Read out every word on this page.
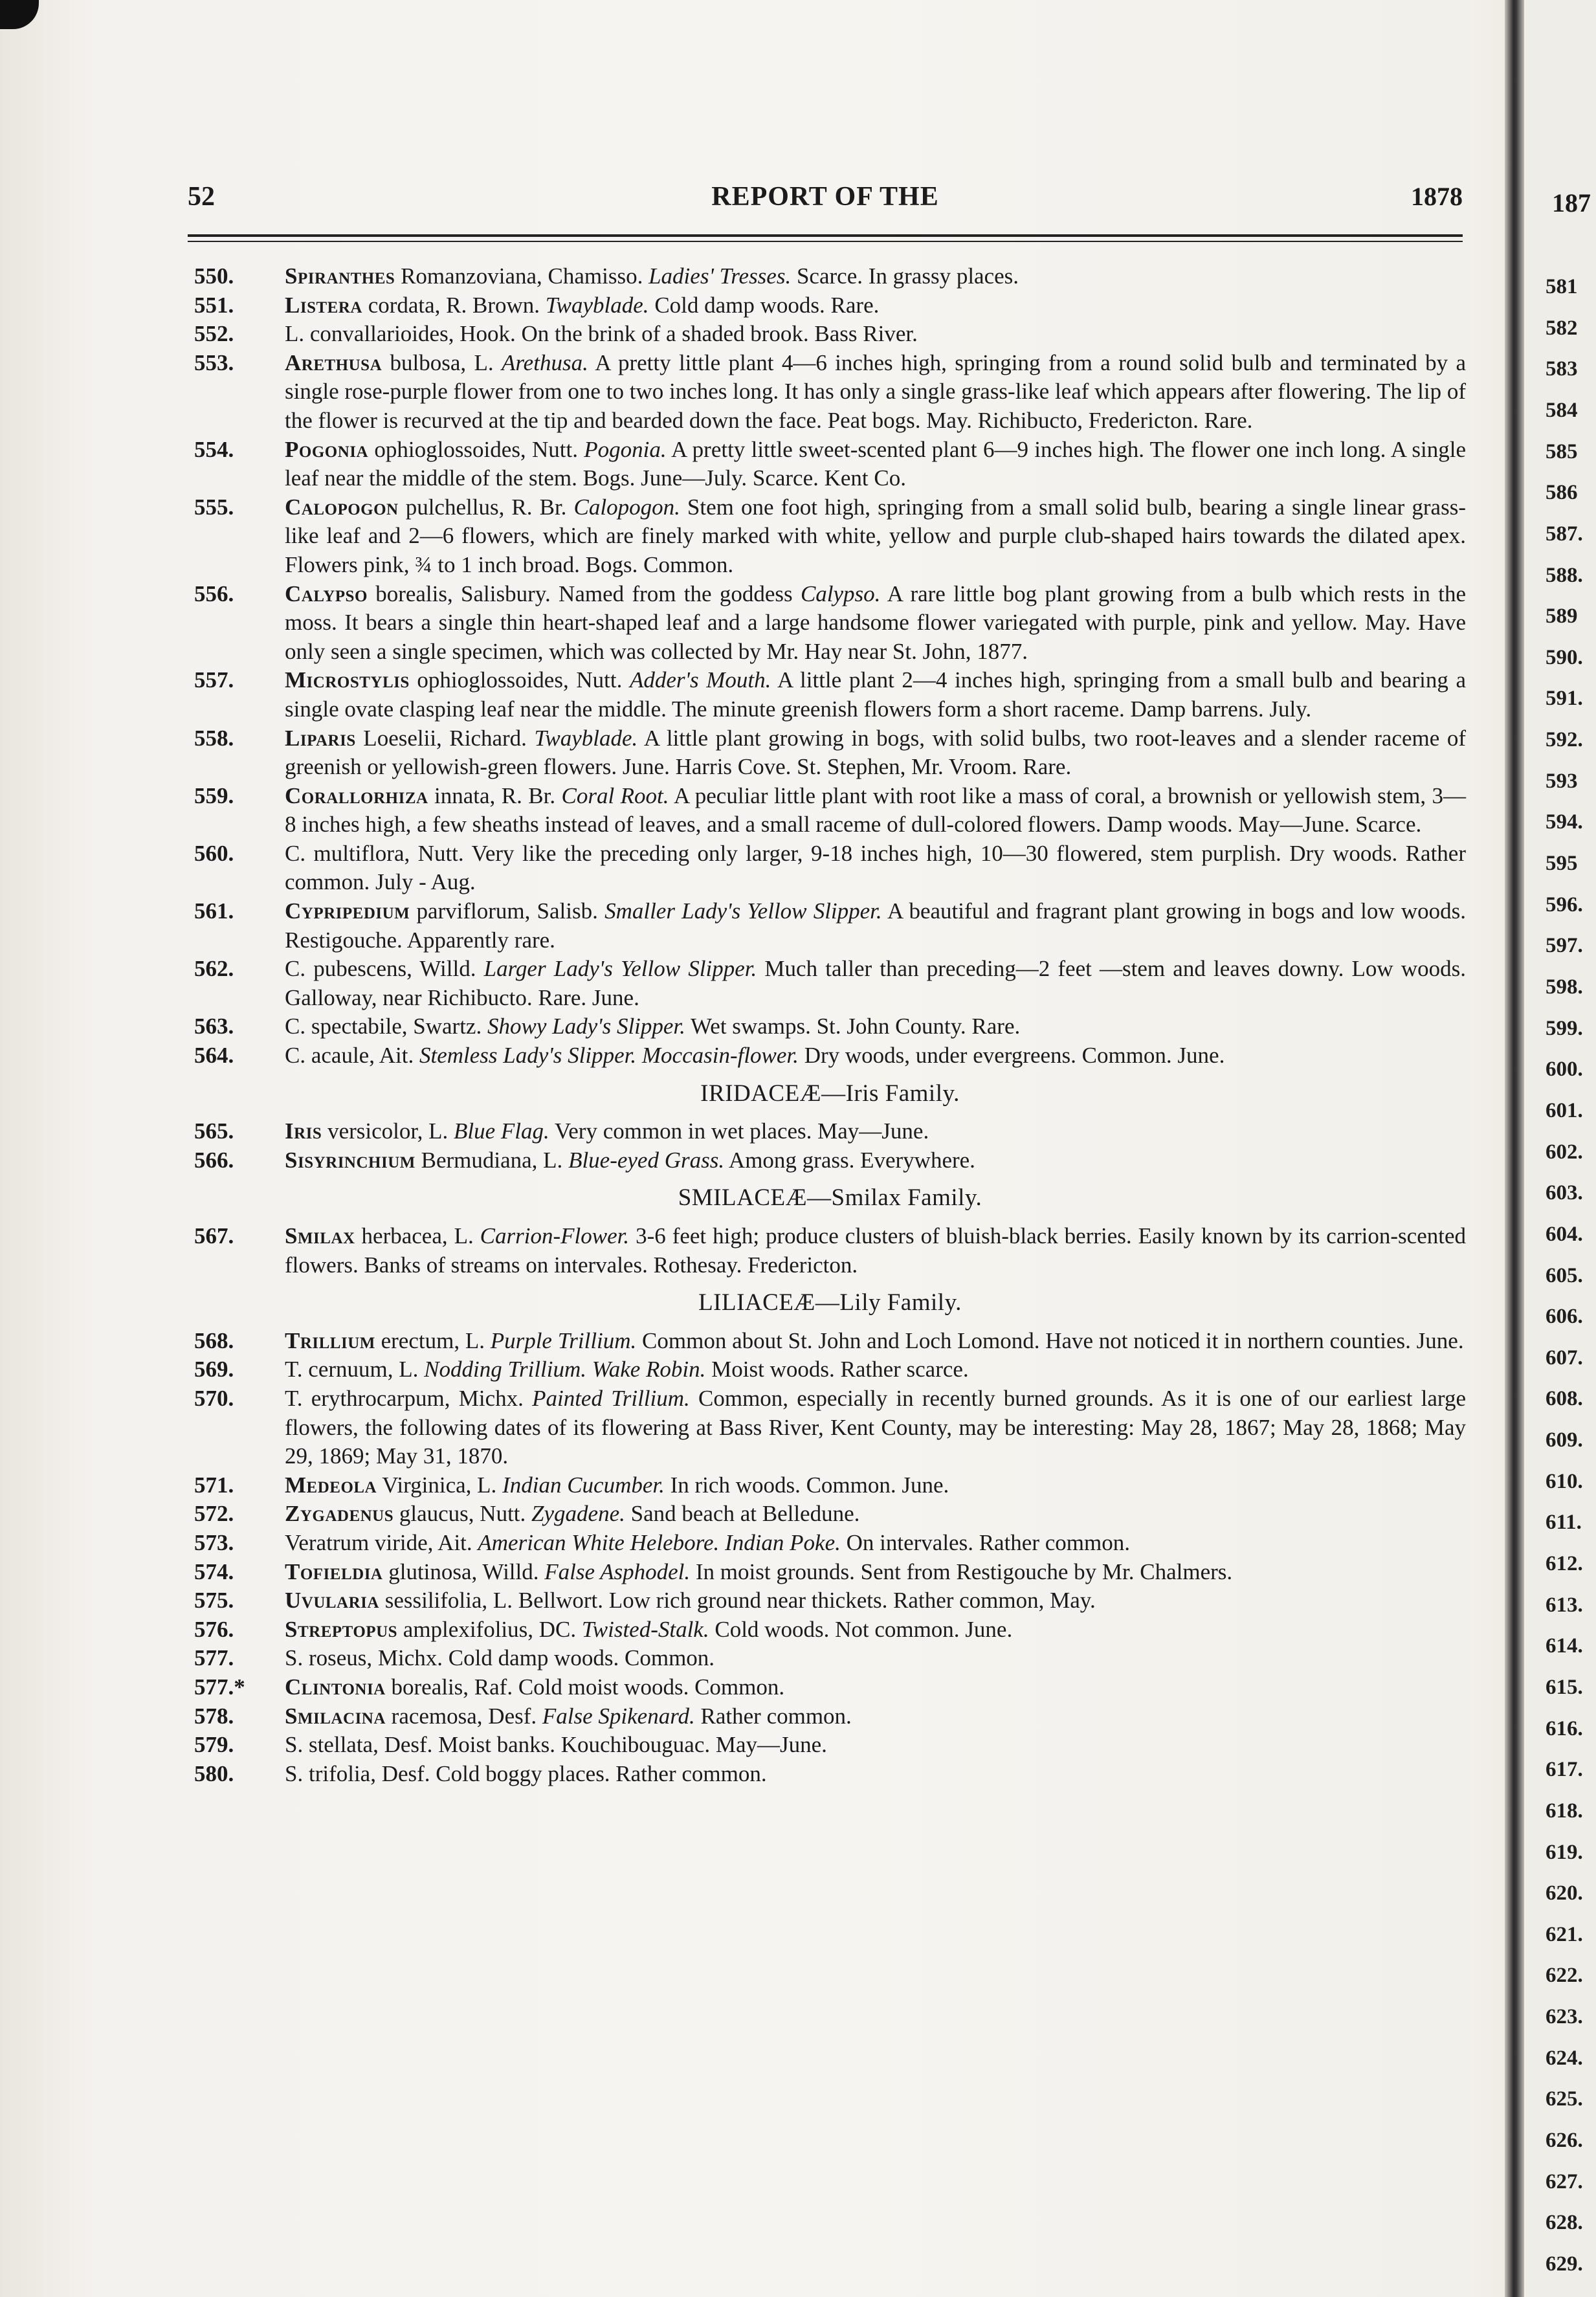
52	REPORT OF THE	1878
550. Spiranthes Romanzoviana, Chamisso. Ladies' Tresses. Scarce. In grassy places.
551. Listera cordata, R. Brown. Twayblade. Cold damp woods. Rare.
552. L. convallarioides, Hook. On the brink of a shaded brook. Bass River.
553. Arethusa bulbosa, L. Arethusa. A pretty little plant 4—6 inches high, springing from a round solid bulb and terminated by a single rose-purple flower from one to two inches long. It has only a single grass-like leaf which appears after flowering. The lip of the flower is recurved at the tip and bearded down the face. Peat bogs. May. Richibucto, Fredericton. Rare.
554. Pogonia ophioglossoides, Nutt. Pogonia. A pretty little sweet-scented plant 6—9 inches high. The flower one inch long. A single leaf near the middle of the stem. Bogs. June—July. Scarce. Kent Co.
555. Calopogon pulchellus, R. Br. Calopogon. Stem one foot high, springing from a small solid bulb, bearing a single linear grass-like leaf and 2—6 flowers, which are finely marked with white, yellow and purple club-shaped hairs towards the dilated apex. Flowers pink, ¾ to 1 inch broad. Bogs. Common.
556. Calypso borealis, Salisbury. Named from the goddess Calypso. A rare little bog plant growing from a bulb which rests in the moss. It bears a single thin heart-shaped leaf and a large handsome flower variegated with purple, pink and yellow. May. Have only seen a single specimen, which was collected by Mr. Hay near St. John, 1877.
557. Microstylis ophioglossoides, Nutt. Adder's Mouth. A little plant 2—4 inches high, springing from a small bulb and bearing a single ovate clasping leaf near the middle. The minute greenish flowers form a short raceme. Damp barrens. July.
558. Liparis Loeselii, Richard. Twayblade. A little plant growing in bogs, with solid bulbs, two root-leaves and a slender raceme of greenish or yellowish-green flowers. June. Harris Cove. St. Stephen, Mr. Vroom. Rare.
559. Corallorhiza innata, R. Br. Coral Root. A peculiar little plant with root like a mass of coral, a brownish or yellowish stem, 3—8 inches high, a few sheaths instead of leaves, and a small raceme of dull-colored flowers. Damp woods. May—June. Scarce.
560. C. multiflora, Nutt. Very like the preceding only larger, 9-18 inches high, 10—30 flowered, stem purplish. Dry woods. Rather common. July - Aug.
561. Cypripedium parviflorum, Salisb. Smaller Lady's Yellow Slipper. A beautiful and fragrant plant growing in bogs and low woods. Restigouche. Apparently rare.
562. C. pubescens, Willd. Larger Lady's Yellow Slipper. Much taller than preceding—2 feet —stem and leaves downy. Low woods. Galloway, near Richibucto. Rare. June.
563. C. spectabile, Swartz. Showy Lady's Slipper. Wet swamps. St. John County. Rare.
564. C. acaule, Ait. Stemless Lady's Slipper. Moccasin-flower. Dry woods, under evergreens. Common. June.
IRIDACEÆ—Iris Family.
565. Iris versicolor, L. Blue Flag. Very common in wet places. May—June.
566. Sisyrinchium Bermudiana, L. Blue-eyed Grass. Among grass. Everywhere.
SMILACEÆ—Smilax Family.
567. Smilax herbacea, L. Carrion-Flower. 3-6 feet high; produce clusters of bluish-black berries. Easily known by its carrion-scented flowers. Banks of streams on intervales. Rothesay. Fredericton.
LILIACEÆ—Lily Family.
568. Trillium erectum, L. Purple Trillium. Common about St. John and Loch Lomond. Have not noticed it in northern counties. June.
569. T. cernuum, L. Nodding Trillium. Wake Robin. Moist woods. Rather scarce.
570. T. erythrocarpum, Michx. Painted Trillium. Common, especially in recently burned grounds. As it is one of our earliest large flowers, the following dates of its flowering at Bass River, Kent County, may be interesting: May 28, 1867; May 28, 1868; May 29, 1869; May 31, 1870.
571. Medeola Virginica, L. Indian Cucumber. In rich woods. Common. June.
572. Zygadenus glaucus, Nutt. Zygadene. Sand beach at Belledune.
573. Veratrum viride, Ait. American White Helebore. Indian Poke. On intervales. Rather common.
574. Tofieldia glutinosa, Willd. False Asphodel. In moist grounds. Sent from Restigouche by Mr. Chalmers.
575. Uvularia sessilifolia, L. Bellwort. Low rich ground near thickets. Rather common, May.
576. Streptopus amplexifolius, DC. Twisted-Stalk. Cold woods. Not common. June.
577. S. roseus, Michx. Cold damp woods. Common.
577.* Clintonia borealis, Raf. Cold moist woods. Common.
578. Smilacina racemosa, Desf. False Spikenard. Rather common.
579. S. stellata, Desf. Moist banks. Kouchibouguac. May—June.
580. S. trifolia, Desf. Cold boggy places. Rather common.
187
581
582
583
584
585
586
587.
588.
589
590.
591.
592.
593
594.
595
596.
597.
598.
599.
600.
601.
602.
603.
604.
605.
606.
607.
608.
609.
610.
611.
612.
613.
614.
615.
616.
617.
618.
619.
620.
621.
622.
623.
624.
625.
626.
627.
628.
629.
